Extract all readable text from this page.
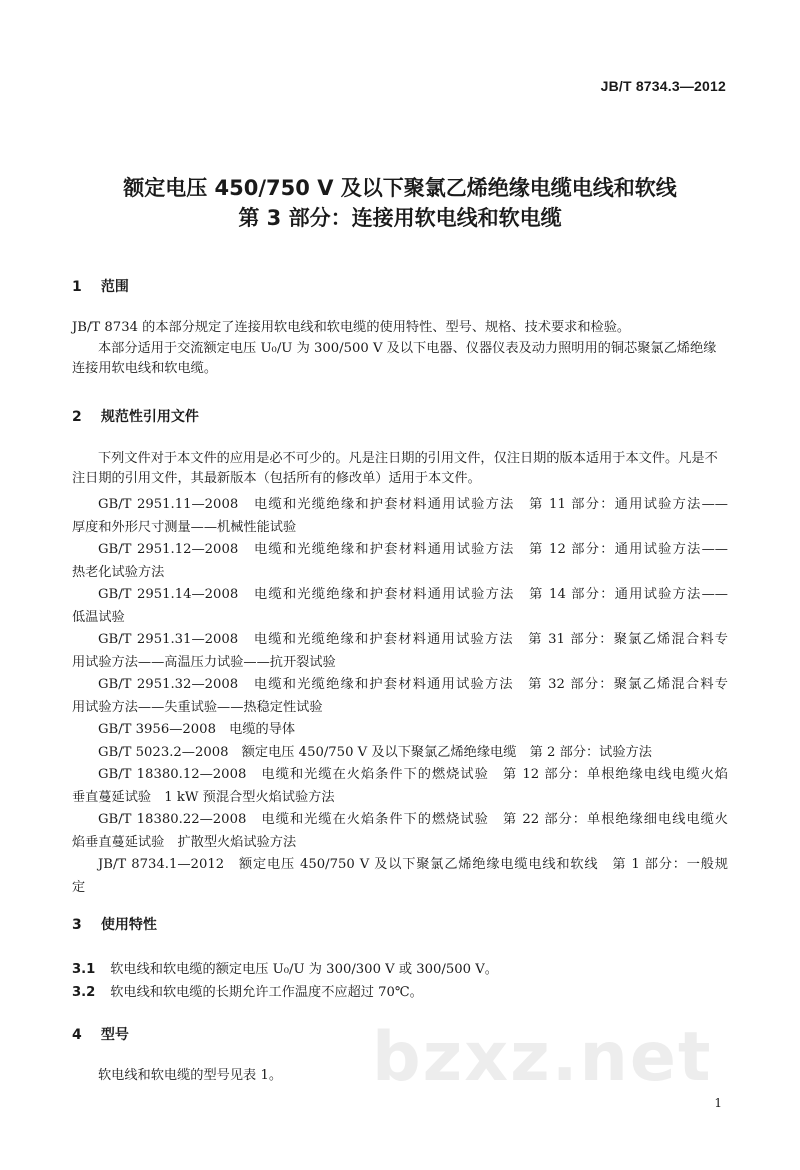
JB/T 8734.3—2012
额定电压 450/750 V 及以下聚氯乙烯绝缘电缆电线和软线
第 3 部分：连接用软电线和软电缆
1 范围
JB/T 8734 的本部分规定了连接用软电线和软电缆的使用特性、型号、规格、技术要求和检验。
本部分适用于交流额定电压 U₀/U 为 300/500 V 及以下电器、仪器仪表及动力照明用的铜芯聚氯乙烯绝缘连接用软电线和软电缆。
2 规范性引用文件
下列文件对于本文件的应用是必不可少的。凡是注日期的引用文件，仅注日期的版本适用于本文件。凡是不注日期的引用文件，其最新版本（包括所有的修改单）适用于本文件。
GB/T 2951.11—2008　电缆和光缆绝缘和护套材料通用试验方法　第 11 部分：通用试验方法——
厚度和外形尺寸测量——机械性能试验
GB/T 2951.12—2008　电缆和光缆绝缘和护套材料通用试验方法　第 12 部分：通用试验方法——
热老化试验方法
GB/T 2951.14—2008　电缆和光缆绝缘和护套材料通用试验方法　第 14 部分：通用试验方法——
低温试验
GB/T 2951.31—2008　电缆和光缆绝缘和护套材料通用试验方法　第 31 部分：聚氯乙烯混合料专
用试验方法——高温压力试验——抗开裂试验
GB/T 2951.32—2008　电缆和光缆绝缘和护套材料通用试验方法　第 32 部分：聚氯乙烯混合料专
用试验方法——失重试验——热稳定性试验
GB/T 3956—2008　电缆的导体
GB/T 5023.2—2008　额定电压 450/750 V 及以下聚氯乙烯绝缘电缆　第 2 部分：试验方法
GB/T 18380.12—2008　电缆和光缆在火焰条件下的燃烧试验　第 12 部分：单根绝缘电线电缆火焰
垂直蔓延试验　1 kW 预混合型火焰试验方法
GB/T 18380.22—2008　电缆和光缆在火焰条件下的燃烧试验　第 22 部分：单根绝缘细电线电缆火
焰垂直蔓延试验　扩散型火焰试验方法
JB/T 8734.1—2012　额定电压 450/750 V 及以下聚氯乙烯绝缘电缆电线和软线　第 1 部分：一般规
定
3 使用特性
3.1 软电线和软电缆的额定电压 U₀/U 为 300/300 V 或 300/500 V。
3.2 软电线和软电缆的长期允许工作温度不应超过 70℃。
4 型号
软电线和软电缆的型号见表 1。	bzxz.net
1
